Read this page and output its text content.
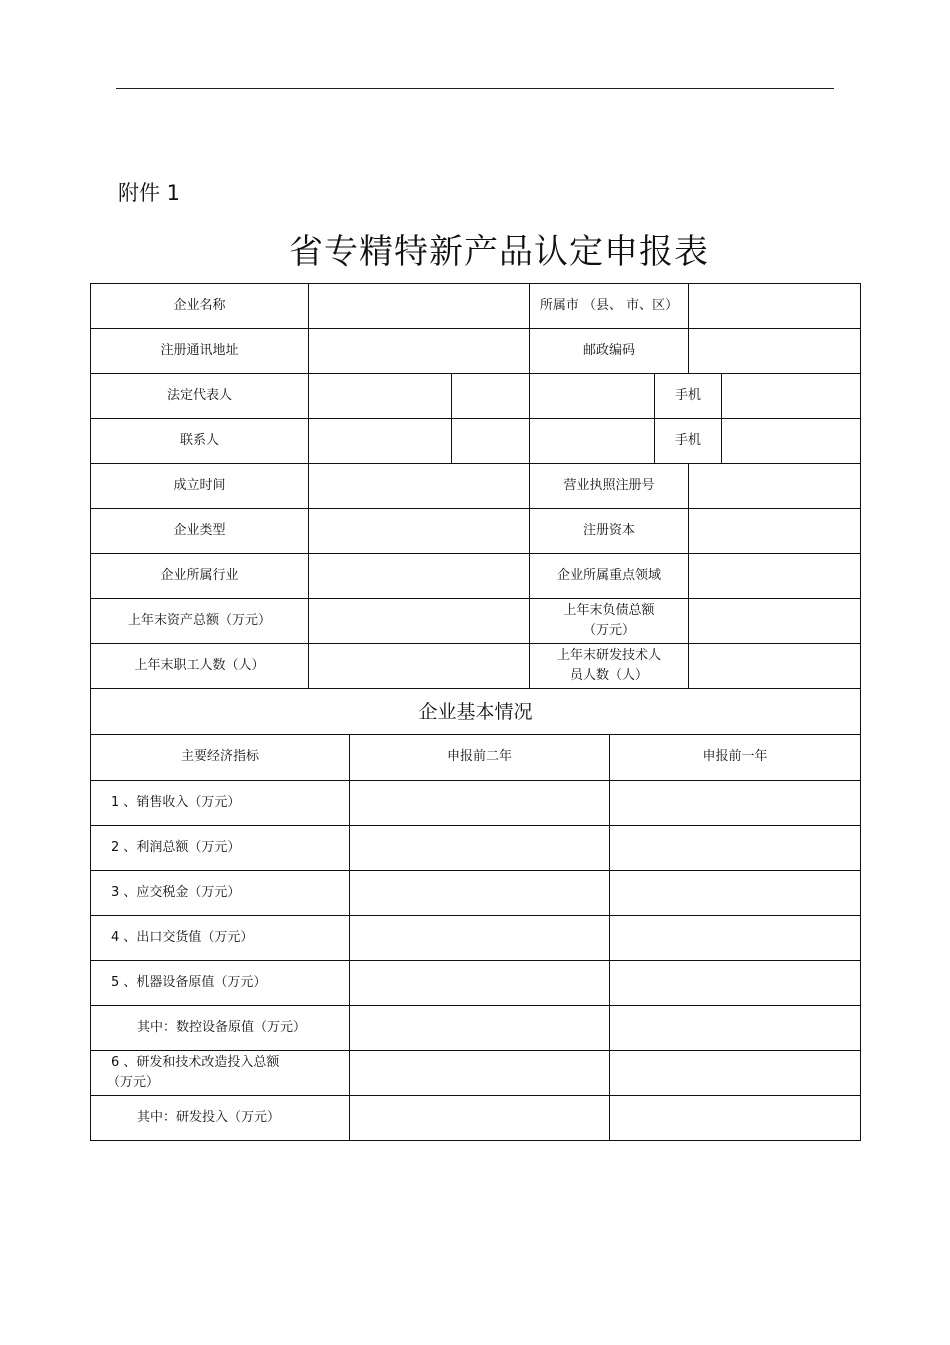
附件 1
省专精特新产品认定申报表
企业名称			所属市 （县、 市、区）			
注册通讯地址			邮政编码			
法定代表人				手机		
联系人				手机		
成立时间			营业执照注册号			
企业类型			注册资本			
企业所属行业			企业所属重点领域			
上年末资产总额（万元）			上年末负债总额
（万元）			

上年末职工人数（人）			上年末研发技术人
员人数（人）			

企业基本情况						
主要经济指标	申报前二年	申报前一年
1 、销售收入（万元）		
2 、利润总额（万元）		
3 、应交税金（万元）		
4 、出口交货值（万元）		
5 、机器设备原值（万元）		
其中：数控设备原值（万元）		

6 、研发和技术改造投入总额
（万元）		

其中：研发投入（万元）		
